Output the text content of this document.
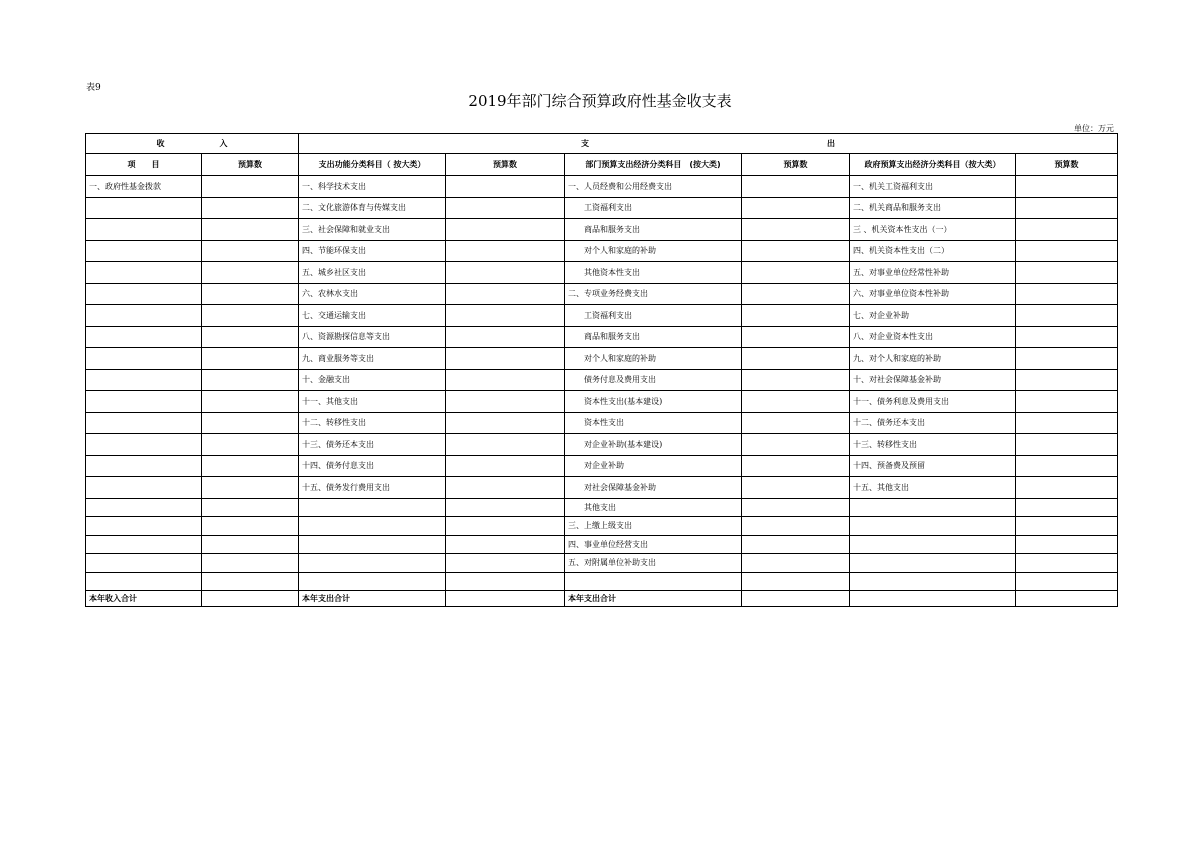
表9
2019年部门综合预算政府性基金收支表
单位：万元
收 入		支 出					

项　　目	预算数	支出功能分类科目（ 按大类）	预算数	部门预算支出经济分类科目　(按大类)	预算数	政府预算支出经济分类科目（按大类）	预算数
一、政府性基金拨款		一、科学技术支出		一、人员经费和公用经费支出		一、机关工资福利支出	
		二、文化旅游体育与传媒支出		工资福利支出		二、机关商品和服务支出	
		三、社会保障和就业支出		商品和服务支出		三 、机关资本性支出（一）	
		四、节能环保支出		对个人和家庭的补助		四、机关资本性支出（二）	
		五、城乡社区支出		其他资本性支出		五、对事业单位经常性补助	
		六、农林水支出		二、专项业务经费支出		六、对事业单位资本性补助	
		七、交通运输支出		工资福利支出		七、对企业补助	
		八、资源勘探信息等支出		商品和服务支出		八、对企业资本性支出	
		九、商业服务等支出		对个人和家庭的补助		九、对个人和家庭的补助	
		十、金融支出		债务付息及费用支出		十、对社会保障基金补助	
		十一、其他支出		资本性支出(基本建设)		十一、债务利息及费用支出	
		十二、转移性支出		资本性支出		十二、债务还本支出	
		十三、债务还本支出		对企业补助(基本建设)		十三、转移性支出	
		十四、债务付息支出		对企业补助		十四、预备费及预留	
		十五、债务发行费用支出		对社会保障基金补助		十五、其他支出	
				其他支出			
				三、上缴上级支出			
				四、事业单位经营支出			
				五、对附属单位补助支出			

本年收入合计		本年支出合计		本年支出合计			
